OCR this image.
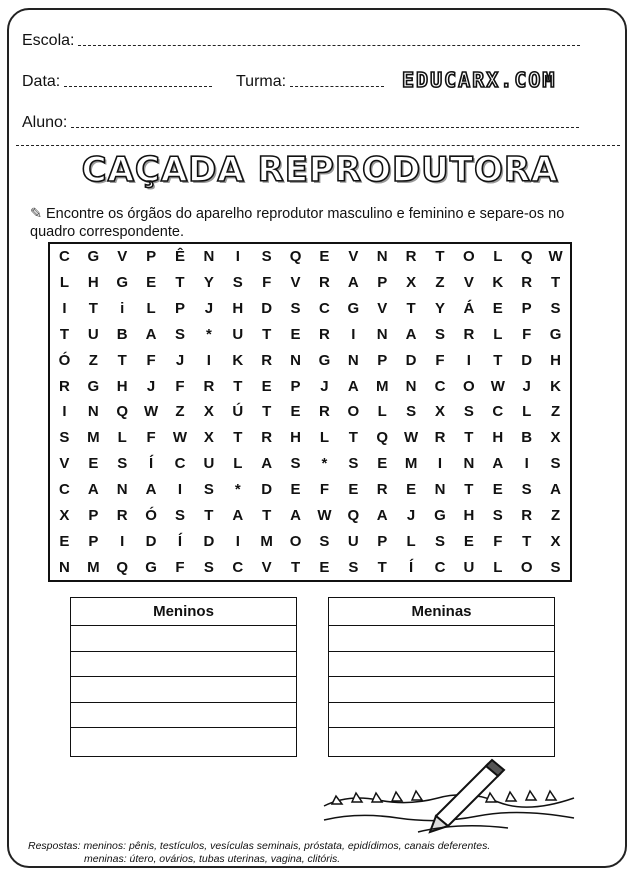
Escola:
Data:	Turma:	EDUCARX.COM
Aluno:
CAÇADA REPRODUTORA
✎ Encontre os órgãos do aparelho reprodutor masculino e feminino e separe-os no quadro correspondente.
C	G	V	P	Ê	N	I	S	Q	E	V	N	R	T	O	L	Q	W
L	H	G	E	T	Y	S	F	V	R	A	P	X	Z	V	K	R	T
I	T	i	L	P	J	H	D	S	C	G	V	T	Y	Á	E	P	S
T	U	B	A	S	*	U	T	E	R	I	N	A	S	R	L	F	G
Ó	Z	T	F	J	I	K	R	N	G	N	P	D	F	I	T	D	H
R	G	H	J	F	R	T	E	P	J	A	M	N	C	O	W	J	K
I	N	Q	W	Z	X	Ú	T	E	R	O	L	S	X	S	C	L	Z
S	M	L	F	W	X	T	R	H	L	T	Q	W	R	T	H	B	X
V	E	S	Í	C	U	L	A	S	*	S	E	M	I	N	A	I	S
C	A	N	A	I	S	*	D	E	F	E	R	E	N	T	E	S	A
X	P	R	Ó	S	T	A	T	A	W	Q	A	J	G	H	S	R	Z
E	P	I	D	Í	D	I	M	O	S	U	P	L	S	E	F	T	X
N	M	Q	G	F	S	C	V	T	E	S	T	Í	C	U	L	O	S
Meninos	Meninas
Respostas: meninos: pênis, testículos, vesículas seminais, próstata, epidídimos, canais deferentes.
meninas: útero, ovários, tubas uterinas, vagina, clitóris.
